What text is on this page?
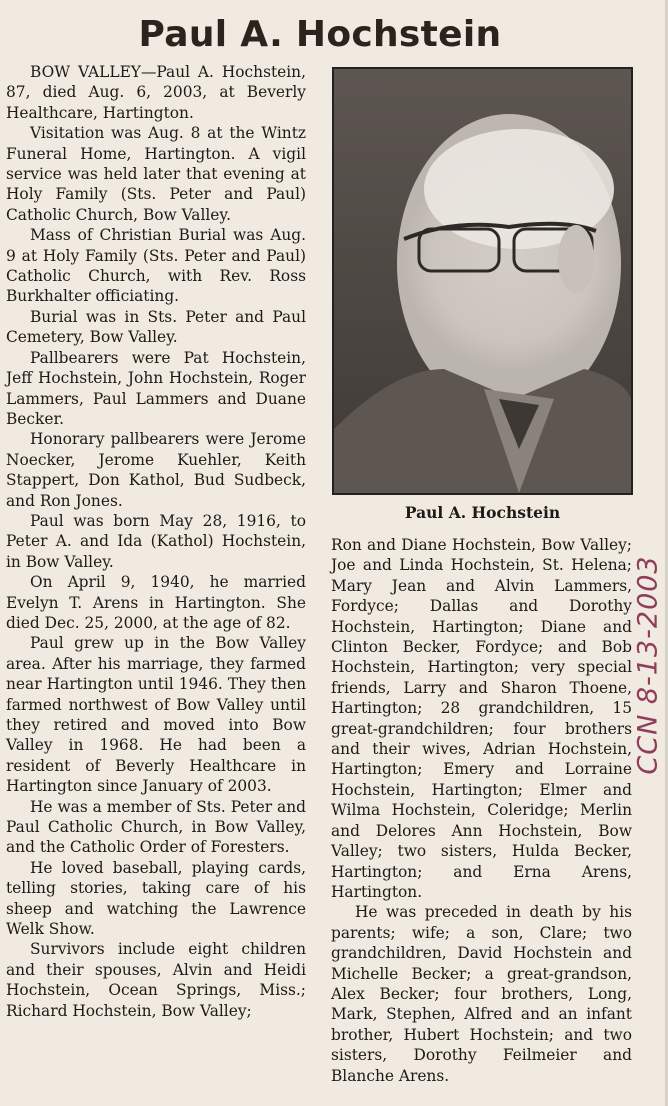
Paul A. Hochstein

BOW VALLEY—Paul A. Hochstein, 87, died Aug. 6, 2003, at Beverly Healthcare, Hartington.

Visitation was Aug. 8 at the Wintz Funeral Home, Hartington. A vigil service was held later that evening at Holy Family (Sts. Peter and Paul) Catholic Church, Bow Valley.

Mass of Christian Burial was Aug. 9 at Holy Family (Sts. Peter and Paul) Catholic Church, with Rev. Ross Burkhalter officiating.

Burial was in Sts. Peter and Paul Cemetery, Bow Valley.

Pallbearers were Pat Hochstein, Jeff Hochstein, John Hochstein, Roger Lammers, Paul Lammers and Duane Becker.

Honorary pallbearers were Jerome Noecker, Jerome Kuehler, Keith Stappert, Don Kathol, Bud Sudbeck, and Ron Jones.

Paul was born May 28, 1916, to Peter A. and Ida (Kathol) Hochstein, in Bow Valley.

On April 9, 1940, he married Evelyn T. Arens in Hartington. She died Dec. 25, 2000, at the age of 82.

Paul grew up in the Bow Valley area. After his marriage, they farmed near Hartington until 1946. They then farmed northwest of Bow Valley until they retired and moved into Bow Valley in 1968. He had been a resident of Beverly Healthcare in Hartington since January of 2003.

He was a member of Sts. Peter and Paul Catholic Church, in Bow Valley, and the Catholic Order of Foresters.

He loved baseball, playing cards, telling stories, taking care of his sheep and watching the Lawrence Welk Show.

Survivors include eight children and their spouses, Alvin and Heidi Hochstein, Ocean Springs, Miss.; Richard Hochstein, Bow Valley;

Paul A. Hochstein

Ron and Diane Hochstein, Bow Valley; Joe and Linda Hochstein, St. Helena; Mary Jean and Alvin Lammers, Fordyce; Dallas and Dorothy Hochstein, Hartington; Diane and Clinton Becker, Fordyce; and Bob Hochstein, Hartington; very special friends, Larry and Sharon Thoene, Hartington; 28 grandchildren, 15 great-grandchildren; four brothers and their wives, Adrian Hochstein, Hartington; Emery and Lorraine Hochstein, Hartington; Elmer and Wilma Hochstein, Coleridge; Merlin and Delores Ann Hochstein, Bow Valley; two sisters, Hulda Becker, Hartington; and Erna Arens, Hartington.

He was preceded in death by his parents; wife; a son, Clare; two grandchildren, David Hochstein and Michelle Becker; a great-grandson, Alex Becker; four brothers, Long, Mark, Stephen, Alfred and an infant brother, Hubert Hochstein; and two sisters, Dorothy Feilmeier and Blanche Arens.

CCN 8-13-2003
